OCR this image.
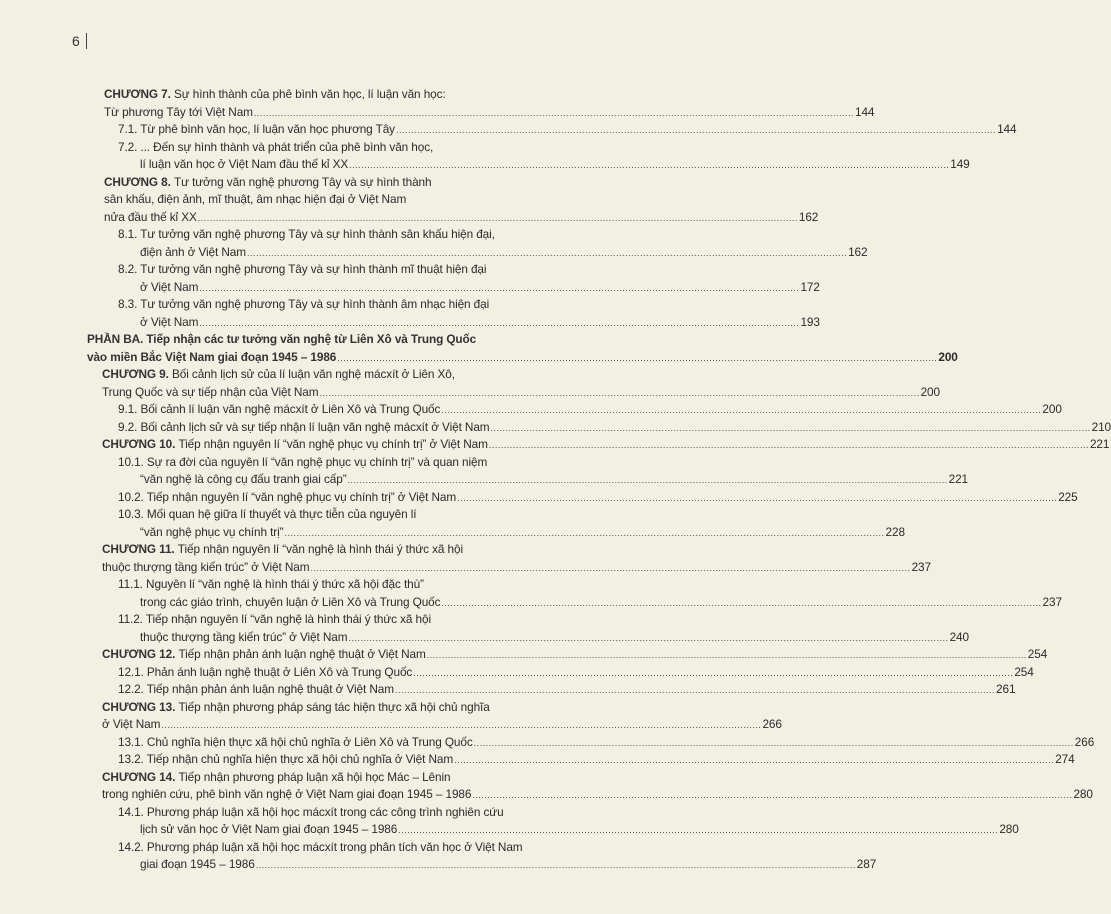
6
CHƯƠNG 7. Sự hình thành của phê bình văn học, lí luận văn học:
Từ phương Tây tới Việt Nam ........................................................................................................................................................................................................ 144
7.1. Từ phê bình văn học, lí luận văn học phương Tây ........................................................................................................................................................................................................ 144
7.2. ... Đến sự hình thành và phát triển của phê bình văn học,
lí luận văn học ở Việt Nam đầu thế kỉ XX ........................................................................................................................................................................................................ 149
CHƯƠNG 8. Tư tưởng văn nghệ phương Tây và sự hình thành
sân khấu, điện ảnh, mĩ thuật, âm nhạc hiện đại ở Việt Nam
nửa đầu thế kỉ XX ........................................................................................................................................................................................................ 162
8.1. Tư tưởng văn nghệ phương Tây và sự hình thành sân khấu hiện đại,
điện ảnh ở Việt Nam ........................................................................................................................................................................................................ 162
8.2. Tư tưởng văn nghệ phương Tây và sự hình thành mĩ thuật hiện đại
ở Việt Nam ........................................................................................................................................................................................................ 172
8.3. Tư tưởng văn nghệ phương Tây và sự hình thành âm nhạc hiện đại
ở Việt Nam ........................................................................................................................................................................................................ 193
PHẦN BA. Tiếp nhận các tư tưởng văn nghệ từ Liên Xô và Trung Quốc
vào miền Bắc Việt Nam giai đoạn 1945 – 1986 ........................................................................................................................................................................................................ 200
CHƯƠNG 9. Bối cảnh lịch sử của lí luận văn nghệ mácxít ở Liên Xô,
Trung Quốc và sự tiếp nhận của Việt Nam ........................................................................................................................................................................................................ 200
9.1. Bối cảnh lí luận văn nghệ mácxít ở Liên Xô và Trung Quốc ........................................................................................................................................................................................................ 200
9.2. Bối cảnh lịch sử và sự tiếp nhận lí luận văn nghệ mácxít ở Việt Nam ........................................................................................................................................................................................................ 210
CHƯƠNG 10. Tiếp nhận nguyên lí “văn nghệ phục vụ chính trị” ở Việt Nam ........................................................................................................................................................................................................ 221
10.1. Sự ra đời của nguyên lí “văn nghệ phục vụ chính trị” và quan niệm
“văn nghệ là công cụ đấu tranh giai cấp” ........................................................................................................................................................................................................ 221
10.2. Tiếp nhận nguyên lí “văn nghệ phục vụ chính trị” ở Việt Nam ........................................................................................................................................................................................................ 225
10.3. Mối quan hệ giữa lí thuyết và thực tiễn của nguyên lí
“văn nghệ phục vụ chính trị” ........................................................................................................................................................................................................ 228
CHƯƠNG 11. Tiếp nhận nguyên lí “văn nghệ là hình thái ý thức xã hội
thuộc thượng tầng kiến trúc” ở Việt Nam ........................................................................................................................................................................................................ 237
11.1. Nguyên lí “văn nghệ là hình thái ý thức xã hội đặc thù”
trong các giáo trình, chuyên luận ở Liên Xô và Trung Quốc ........................................................................................................................................................................................................ 237
11.2. Tiếp nhận nguyên lí “văn nghệ là hình thái ý thức xã hội
thuộc thượng tầng kiến trúc” ở Việt Nam ........................................................................................................................................................................................................ 240
CHƯƠNG 12. Tiếp nhận phản ánh luận nghệ thuật ở Việt Nam ........................................................................................................................................................................................................ 254
12.1. Phản ánh luận nghệ thuật ở Liên Xô và Trung Quốc ........................................................................................................................................................................................................ 254
12.2. Tiếp nhận phản ánh luận nghệ thuật ở Việt Nam ........................................................................................................................................................................................................ 261
CHƯƠNG 13. Tiếp nhận phương pháp sáng tác hiện thực xã hội chủ nghĩa
ở Việt Nam ........................................................................................................................................................................................................ 266
13.1. Chủ nghĩa hiện thực xã hội chủ nghĩa ở Liên Xô và Trung Quốc ........................................................................................................................................................................................................ 266
13.2. Tiếp nhận chủ nghĩa hiện thực xã hội chủ nghĩa ở Việt Nam ........................................................................................................................................................................................................ 274
CHƯƠNG 14. Tiếp nhận phương pháp luận xã hội học Mác – Lênin
trong nghiên cứu, phê bình văn nghệ ở Việt Nam giai đoạn 1945 – 1986 ........................................................................................................................................................................................................ 280
14.1. Phương pháp luận xã hội học mácxít trong các công trình nghiên cứu
lịch sử văn học ở Việt Nam giai đoạn 1945 – 1986 ........................................................................................................................................................................................................ 280
14.2. Phương pháp luận xã hội học mácxít trong phân tích văn học ở Việt Nam
giai đoạn 1945 – 1986 ........................................................................................................................................................................................................ 287
